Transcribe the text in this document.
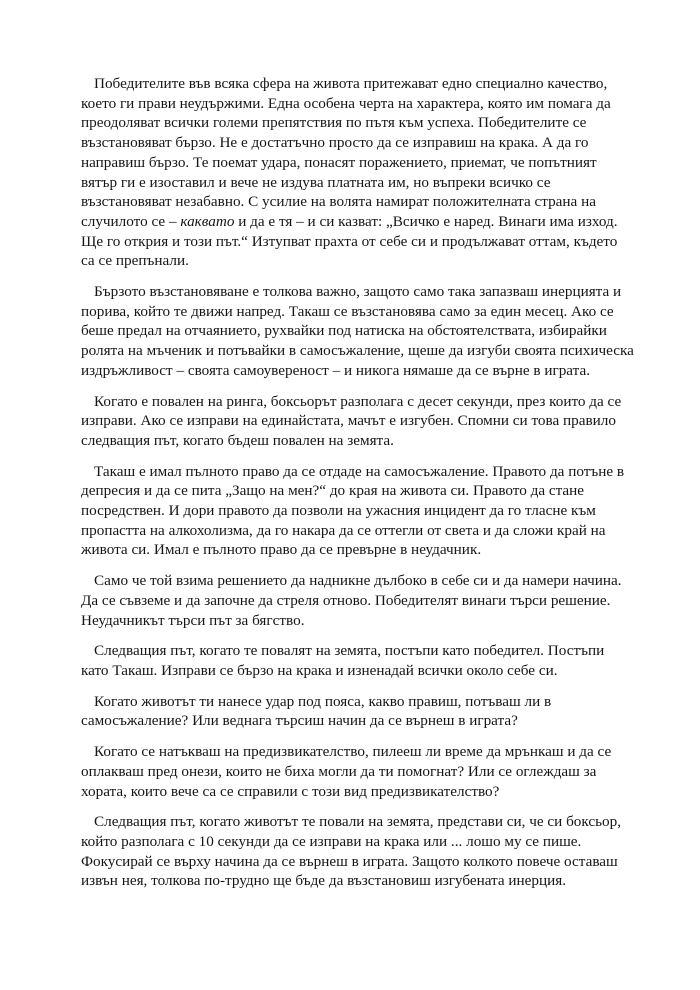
Победителите във всяка сфера на живота притежават едно специално качество, което ги прави неудържими. Една особена черта на характера, която им помага да преодоляват всички големи препятствия по пътя към успеха. Победителите се възстановяват бързо. Не е достатъчно просто да се изправиш на крака. А да го направиш бързо. Те поемат удара, понасят поражението, приемат, че попътният вятър ги е изоставил и вече не издува платната им, но въпреки всичко се възстановяват незабавно. С усилие на волята намират положителната страна на случилото се – каквато и да е тя – и си казват: „Всичко е наред. Винаги има изход. Ще го открия и този път.“ Изтупват прахта от себе си и продължават оттам, където са се препънали.

Бързото възстановяване е толкова важно, защото само така запазваш инерцията и порива, който те движи напред. Такаш се възстановява само за един месец. Ако се беше предал на отчаянието, рухвайки под натиска на обстоятелствата, избирайки ролята на мъченик и потъвайки в самосъжаление, щеше да изгуби своята психическа издръжливост – своята самоувереност – и никога нямаше да се върне в играта.

Когато е повален на ринга, боксьорът разполага с десет секунди, през които да се изправи. Ако се изправи на единайстата, мачът е изгубен. Спомни си това правило следващия път, когато бъдеш повален на земята.

Такаш е имал пълното право да се отдаде на самосъжаление. Правото да потъне в депресия и да се пита „Защо на мен?“ до края на живота си. Правото да стане посредствен. И дори правото да позволи на ужасния инцидент да го тласне към пропастта на алкохолизма, да го накара да се оттегли от света и да сложи край на живота си. Имал е пълното право да се превърне в неудачник.

Само че той взима решението да надникне дълбоко в себе си и да намери начина. Да се съвземе и да започне да стреля отново. Победителят винаги търси решение. Неудачникът търси път за бягство.

Следващия път, когато те повалят на земята, постъпи като победител. Постъпи като Такаш. Изправи се бързо на крака и изненадай всички около себе си.

Когато животът ти нанесе удар под пояса, какво правиш, потъваш ли в самосъжаление? Или веднага търсиш начин да се върнеш в играта?

Когато се натъкваш на предизвикателство, пилееш ли време да мрънкаш и да се оплакваш пред онези, които не биха могли да ти помогнат? Или се оглеждаш за хората, които вече са се справили с този вид предизвикателство?

Следващия път, когато животът те повали на земята, представи си, че си боксьор, който разполага с 10 секунди да се изправи на крака или ... лошо му се пише. Фокусирай се върху начина да се върнеш в играта. Защото колкото повече оставаш извън нея, толкова по-трудно ще бъде да възстановиш изгубената инерция.
